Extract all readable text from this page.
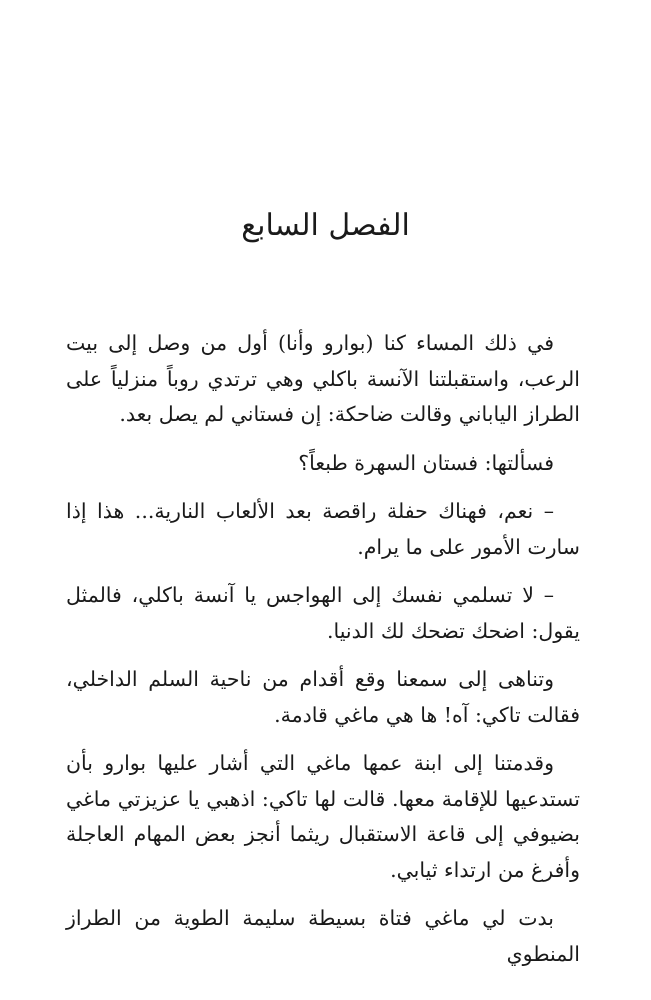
الفصل السابع

في ذلك المساء كنا (بوارو وأنا) أول من وصل إلى بيت الرعب، واستقبلتنا الآنسة باكلي وهي ترتدي روباً منزلياً على الطراز الياباني وقالت ضاحكة: إن فستاني لم يصل بعد.

فسألتها: فستان السهرة طبعاً؟

– نعم، فهناك حفلة راقصة بعد الألعاب النارية... هذا إذا سارت الأمور على ما يرام.

– لا تسلمي نفسك إلى الهواجس يا آنسة باكلي، فالمثل يقول: اضحك تضحك لك الدنيا.

وتناهى إلى سمعنا وقع أقدام من ناحية السلم الداخلي، فقالت تاكي: آه! ها هي ماغي قادمة.

وقدمتنا إلى ابنة عمها ماغي التي أشار عليها بوارو بأن تستدعيها للإقامة معها. قالت لها تاكي: اذهبي يا عزيزتي ماغي بضيوفي إلى قاعة الاستقبال ريثما أنجز بعض المهام العاجلة وأفرغ من ارتداء ثيابي.

بدت لي ماغي فتاة بسيطة سليمة الطوية من الطراز المنطوي
